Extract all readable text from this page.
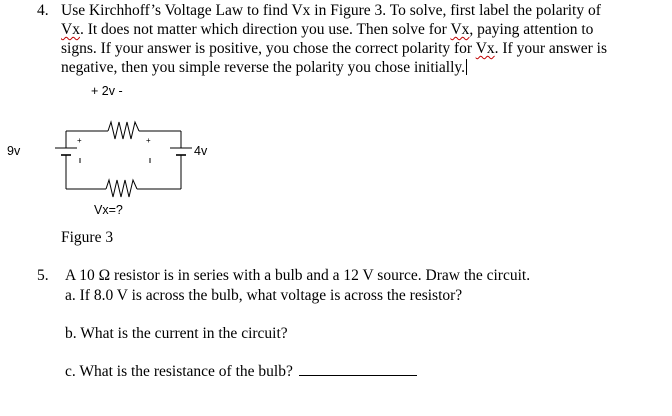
4. Use Kirchhoff’s Voltage Law to find Vx in Figure 3. To solve, first label the polarity of
Vx. It does not matter which direction you use. Then solve for Vx, paying attention to
signs. If your answer is positive, you chose the correct polarity for Vx. If your answer is
negative, then you simple reverse the polarity you chose initially.
+	+
+ 2v -
9v	4v
Vx=?
Figure 3
5. A 10 Ω resistor is in series with a bulb and a 12 V source. Draw the circuit.
a. If 8.0 V is across the bulb, what voltage is across the resistor?
b. What is the current in the circuit?
c. What is the resistance of the bulb?
